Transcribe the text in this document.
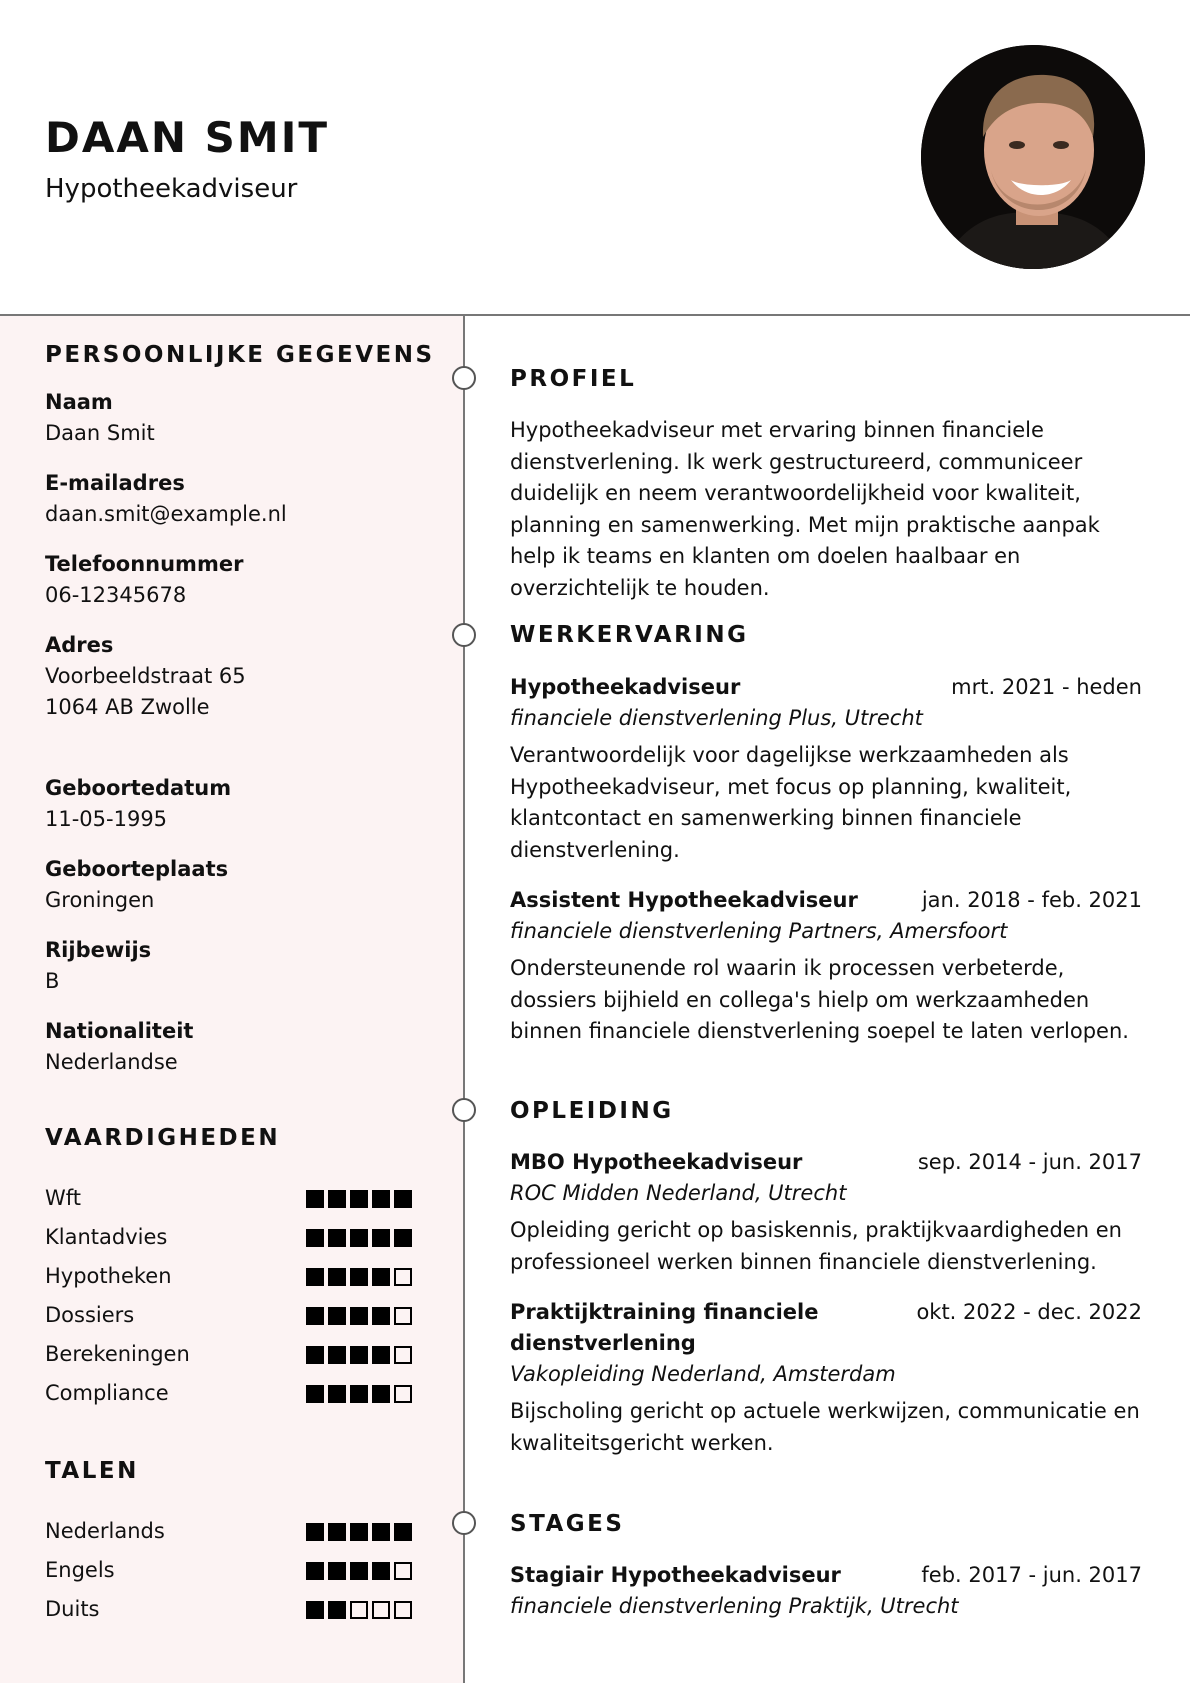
DAAN SMIT
Hypotheekadviseur
PERSOONLIJKE GEGEVENS
Naam
Daan Smit
E-mailadres
daan.smit@example.nl
Telefoonnummer
06-12345678
Adres
Voorbeeldstraat 65
1064 AB Zwolle
Geboortedatum
11-05-1995
Geboorteplaats
Groningen
Rijbewijs
B
Nationaliteit
Nederlandse
VAARDIGHEDEN
Wft
Klantadvies
Hypotheken
Dossiers
Berekeningen
Compliance
TALEN
Nederlands
Engels
Duits
PROFIEL

Hypotheekadviseur met ervaring binnen financiele dienstverlening. Ik werk gestructureerd, communiceer duidelijk en neem verantwoordelijkheid voor kwaliteit, planning en samenwerking. Met mijn praktische aanpak help ik teams en klanten om doelen haalbaar en overzichtelijk te houden.

WERKERVARING
Hypotheekadviseur	mrt. 2021 - heden
financiele dienstverlening Plus, Utrecht
Verantwoordelijk voor dagelijkse werkzaamheden als Hypotheekadviseur, met focus op planning, kwaliteit, klantcontact en samenwerking binnen financiele dienstverlening.
Assistent Hypotheekadviseur	jan. 2018 - feb. 2021
financiele dienstverlening Partners, Amersfoort
Ondersteunende rol waarin ik processen verbeterde, dossiers bijhield en collega's hielp om werkzaamheden binnen financiele dienstverlening soepel te laten verlopen.
OPLEIDING
MBO Hypotheekadviseur	sep. 2014 - jun. 2017
ROC Midden Nederland, Utrecht
Opleiding gericht op basiskennis, praktijkvaardigheden en professioneel werken binnen financiele dienstverlening.
Praktijktraining financiele dienstverlening
okt. 2022 - dec. 2022
Vakopleiding Nederland, Amsterdam
Bijscholing gericht op actuele werkwijzen, communicatie en kwaliteitsgericht werken.
STAGES
Stagiair Hypotheekadviseur	feb. 2017 - jun. 2017
financiele dienstverlening Praktijk, Utrecht
